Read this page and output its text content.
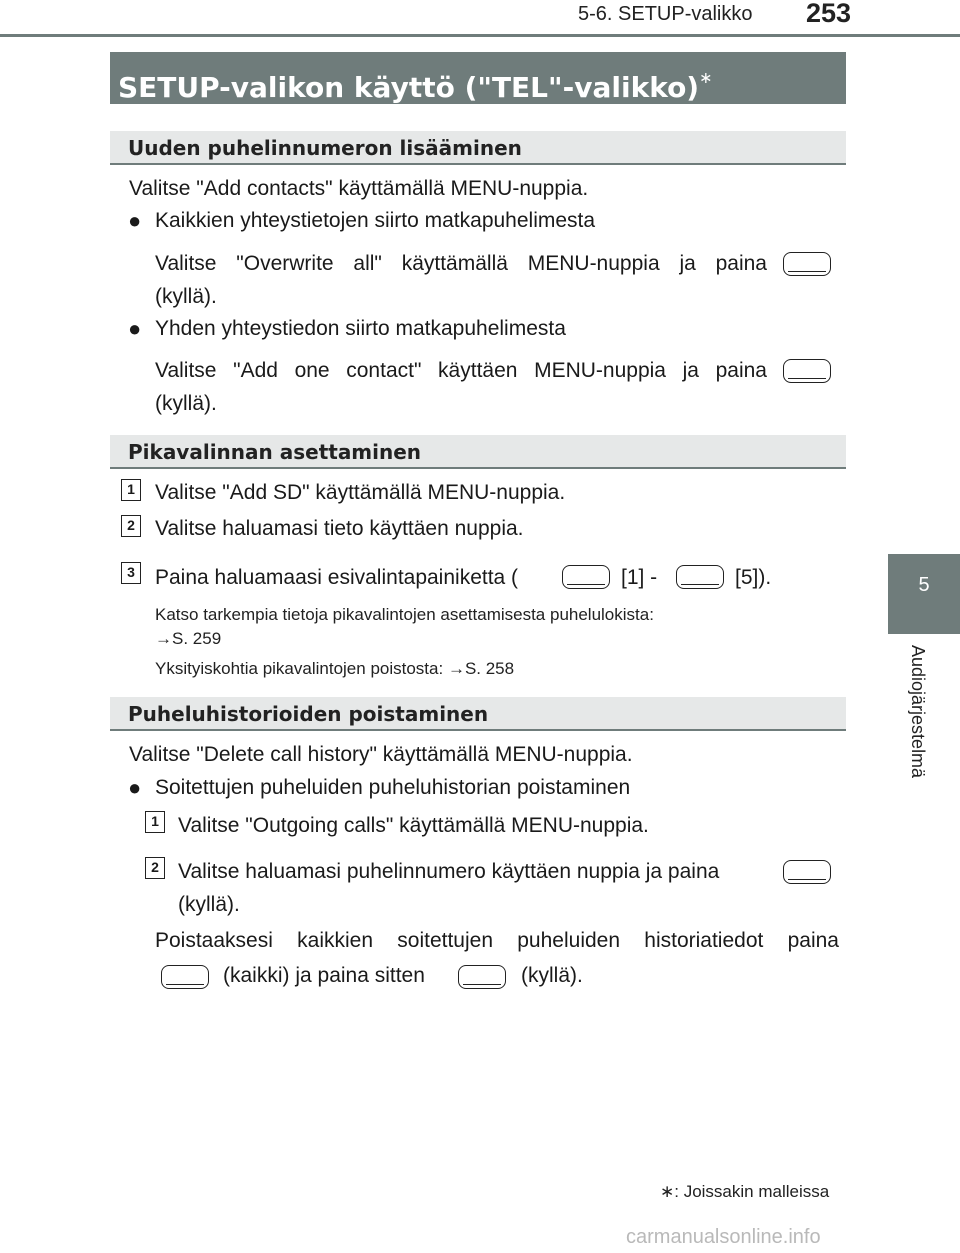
5-6. SETUP-valikko 253
5
Audiojärjestelmä
SETUP-valikon käyttö ("TEL"-valikko)∗
Uuden puhelinnumeron lisääminen
Valitse "Add contacts" käyttämällä MENU-nuppia.
● Kaikkien yhteystietojen siirto matkapuhelimesta
Valitse "Overwrite all" käyttämällä MENU-nuppia ja paina
(kyllä).
● Yhden yhteystiedon siirto matkapuhelimesta
Valitse "Add one contact" käyttäen MENU-nuppia ja paina
(kyllä).
Pikavalinnan asettaminen
1 Valitse "Add SD" käyttämällä MENU-nuppia.
2 Valitse haluamasi tieto käyttäen nuppia.
3 Paina haluamaasi esivalintapainiketta (	[1] -	[5]).
Katso tarkempia tietoja pikavalintojen asettamisesta puhelulokista:
→S. 259
Yksityiskohtia pikavalintojen poistosta: →S. 258
Puheluhistorioiden poistaminen
Valitse "Delete call history" käyttämällä MENU-nuppia.
● Soitettujen puheluiden puheluhistorian poistaminen
1 Valitse "Outgoing calls" käyttämällä MENU-nuppia.
2 Valitse haluamasi puhelinnumero käyttäen nuppia ja paina
(kyllä).
Poistaaksesi kaikkien soitettujen puheluiden historiatiedot paina
(kaikki) ja paina sitten	(kyllä).
∗: Joissakin malleissa
carmanualsonline.info
